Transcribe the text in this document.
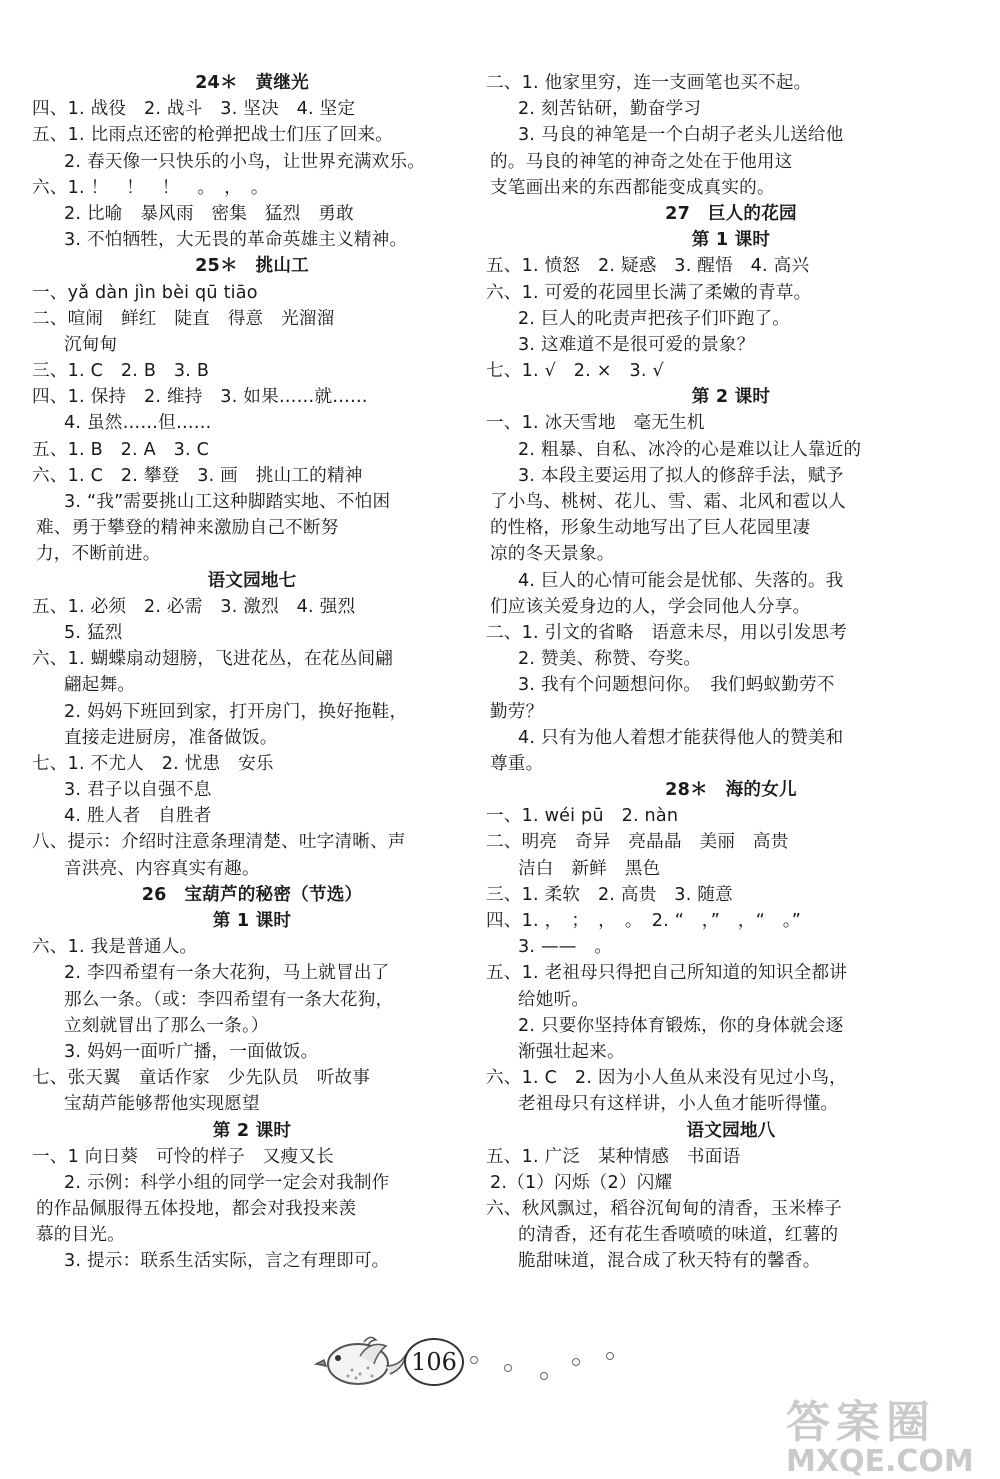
24＊　黄继光
四、1. 战役　2. 战斗　3. 坚决　4. 坚定
五、1. 比雨点还密的枪弹把战士们压了回来。
2. 春天像一只快乐的小鸟，让世界充满欢乐。
六、1. ！　！　！　。　，　。
2. 比喻　暴风雨　密集　猛烈　勇敢
3. 不怕牺牲，大无畏的革命英雄主义精神。
25＊　挑山工
一、yǎ dàn jìn bèi qū tiāo
二、喧闹　鲜红　陡直　得意　光溜溜
沉甸甸
三、1. C　2. B　3. B
四、1. 保持　2. 维持　3. 如果……就……
4. 虽然……但……
五、1. B　2. A　3. C
六、1. C　2. 攀登　3. 画　挑山工的精神
3. “我”需要挑山工这种脚踏实地、不怕困
难、勇于攀登的精神来激励自己不断努
力，不断前进。
语文园地七
五、1. 必须　2. 必需　3. 激烈　4. 强烈
5. 猛烈
六、1. 蝴蝶扇动翅膀，飞进花丛，在花丛间翩
翩起舞。
2. 妈妈下班回到家，打开房门，换好拖鞋，
直接走进厨房，准备做饭。
七、1. 不尤人　2. 忧患　安乐
3. 君子以自强不息
4. 胜人者　自胜者
八、提示：介绍时注意条理清楚、吐字清晰、声
音洪亮、内容真实有趣。
26　宝葫芦的秘密（节选）
第 1 课时
六、1. 我是普通人。
2. 李四希望有一条大花狗，马上就冒出了
那么一条。（或：李四希望有一条大花狗，
立刻就冒出了那么一条。）
3. 妈妈一面听广播，一面做饭。
七、张天翼　童话作家　少先队员　听故事
宝葫芦能够帮他实现愿望
第 2 课时
一、1 向日葵　可怜的样子　又瘦又长
2. 示例：科学小组的同学一定会对我制作
的作品佩服得五体投地，都会对我投来羡
慕的目光。
3. 提示：联系生活实际，言之有理即可。
二、1. 他家里穷，连一支画笔也买不起。
2. 刻苦钻研，勤奋学习
3. 马良的神笔是一个白胡子老头儿送给他
的。马良的神笔的神奇之处在于他用这
支笔画出来的东西都能变成真实的。
27　巨人的花园
第 1 课时
五、1. 愤怒　2. 疑惑　3. 醒悟　4. 高兴
六、1. 可爱的花园里长满了柔嫩的青草。
2. 巨人的叱责声把孩子们吓跑了。
3. 这难道不是很可爱的景象？
七、1. √　2. ×　3. √
第 2 课时
一、1. 冰天雪地　毫无生机
2. 粗暴、自私、冰冷的心是难以让人靠近的
3. 本段主要运用了拟人的修辞手法，赋予
了小鸟、桃树、花儿、雪、霜、北风和雹以人
的性格，形象生动地写出了巨人花园里凄
凉的冬天景象。
4. 巨人的心情可能会是忧郁、失落的。我
们应该关爱身边的人，学会同他人分享。
二、1. 引文的省略　语意未尽，用以引发思考
2. 赞美、称赞、夸奖。
3. 我有个问题想问你。　我们蚂蚁勤劳不
勤劳？
4. 只有为他人着想才能获得他人的赞美和
尊重。
28＊　海的女儿
一、1. wéi pū　2. nàn
二、明亮　奇异　亮晶晶　美丽　高贵
洁白　新鲜　黑色
三、1. 柔软　2. 高贵　3. 随意
四、1. ，　；　，　。　2. “　，”　，“　。”
3. ——　。
五、1. 老祖母只得把自己所知道的知识全都讲
给她听。
2. 只要你坚持体育锻炼，你的身体就会逐
渐强壮起来。
六、1. C　2. 因为小人鱼从来没有见过小鸟，
老祖母只有这样讲，小人鱼才能听得懂。
语文园地八
五、1. 广泛　某种情感　书面语
2.（1）闪烁（2）闪耀
六、秋风飘过，稻谷沉甸甸的清香，玉米棒子
的清香，还有花生香喷喷的味道，红薯的
脆甜味道，混合成了秋天特有的馨香。
106
答案圈
MXQE.COM
